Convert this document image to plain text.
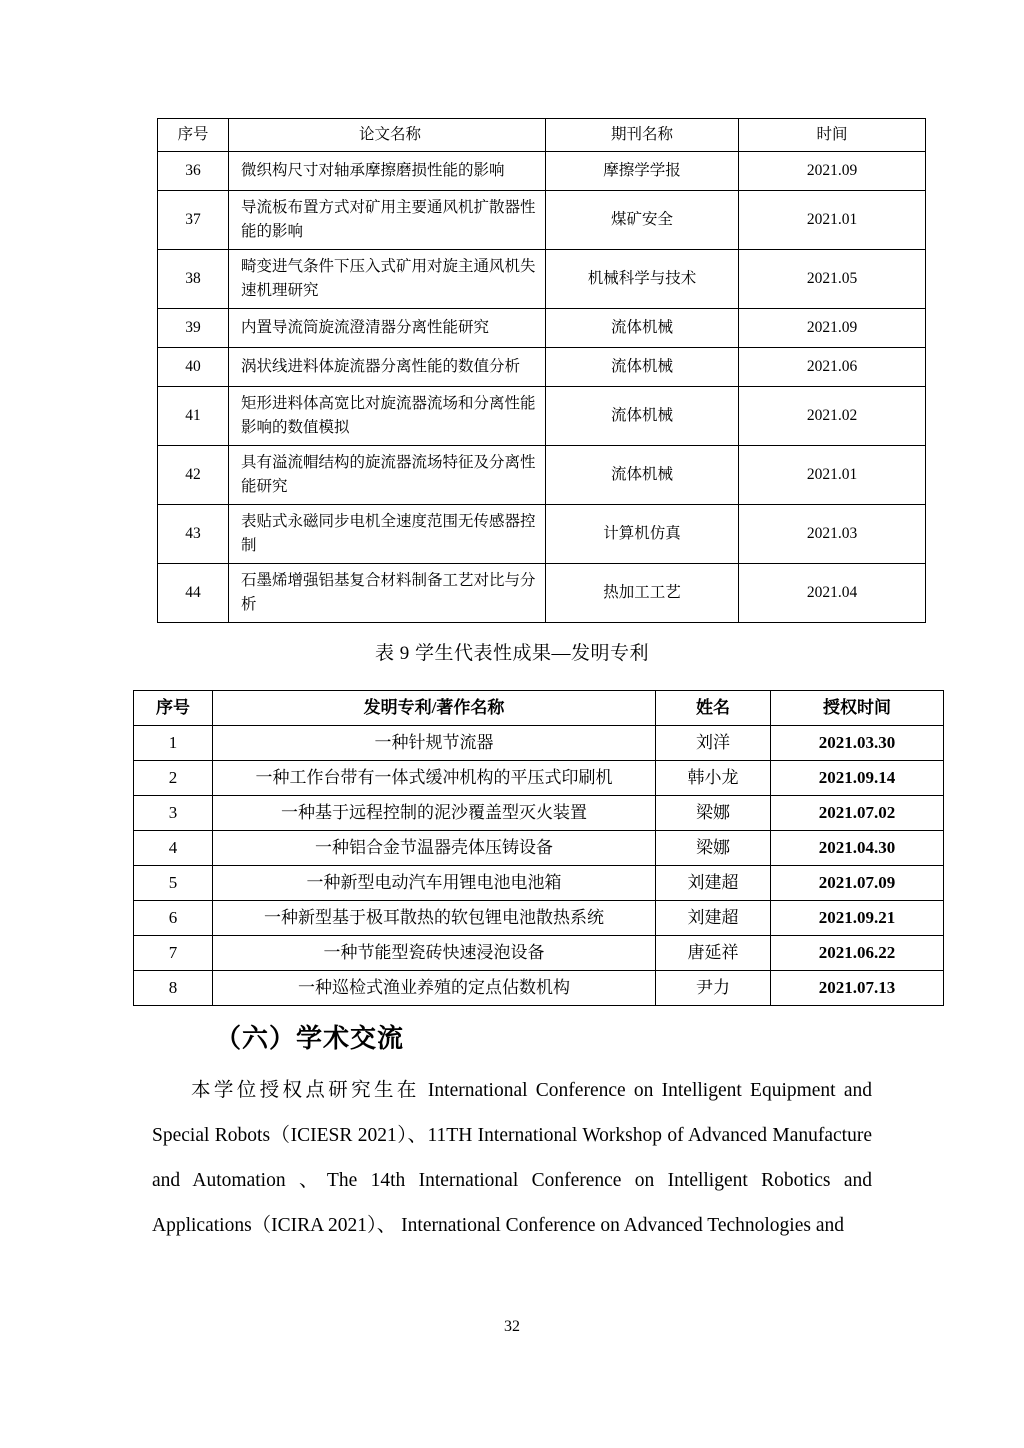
序号	论文名称	期刊名称	时间
36	微织构尺寸对轴承摩擦磨损性能的影响	摩擦学学报	2021.09
37	导流板布置方式对矿用主要通风机扩散器性能的影响	煤矿安全	2021.01
38	畸变进气条件下压入式矿用对旋主通风机失速机理研究	机械科学与技术	2021.05
39	内置导流筒旋流澄清器分离性能研究	流体机械	2021.09
40	涡状线进料体旋流器分离性能的数值分析	流体机械	2021.06
41	矩形进料体高宽比对旋流器流场和分离性能影响的数值模拟	流体机械	2021.02
42	具有溢流帽结构的旋流器流场特征及分离性能研究	流体机械	2021.01
43	表贴式永磁同步电机全速度范围无传感器控制	计算机仿真	2021.03
44	石墨烯增强铝基复合材料制备工艺对比与分析	热加工工艺	2021.04
表 9 学生代表性成果—发明专利
序号	发明专利/著作名称	姓名	授权时间
1	一种针规节流器	刘洋	2021.03.30
2	一种工作台带有一体式缓冲机构的平压式印刷机	韩小龙	2021.09.14
3	一种基于远程控制的泥沙覆盖型灭火装置	梁娜	2021.07.02
4	一种铝合金节温器壳体压铸设备	梁娜	2021.04.30
5	一种新型电动汽车用锂电池电池箱	刘建超	2021.07.09
6	一种新型基于极耳散热的软包锂电池散热系统	刘建超	2021.09.21
7	一种节能型瓷砖快速浸泡设备	唐延祥	2021.06.22
8	一种巡检式渔业养殖的定点佔数机构	尹力	2021.07.13
（六）学术交流
本学位授权点研究生在 International Conference on Intelligent Equipment and Special Robots（ICIESR 2021）、11TH International Workshop of Advanced Manufacture and Automation 、The 14th International Conference on Intelligent Robotics and Applications（ICIRA 2021）、 International Conference on Advanced Technologies and
32
